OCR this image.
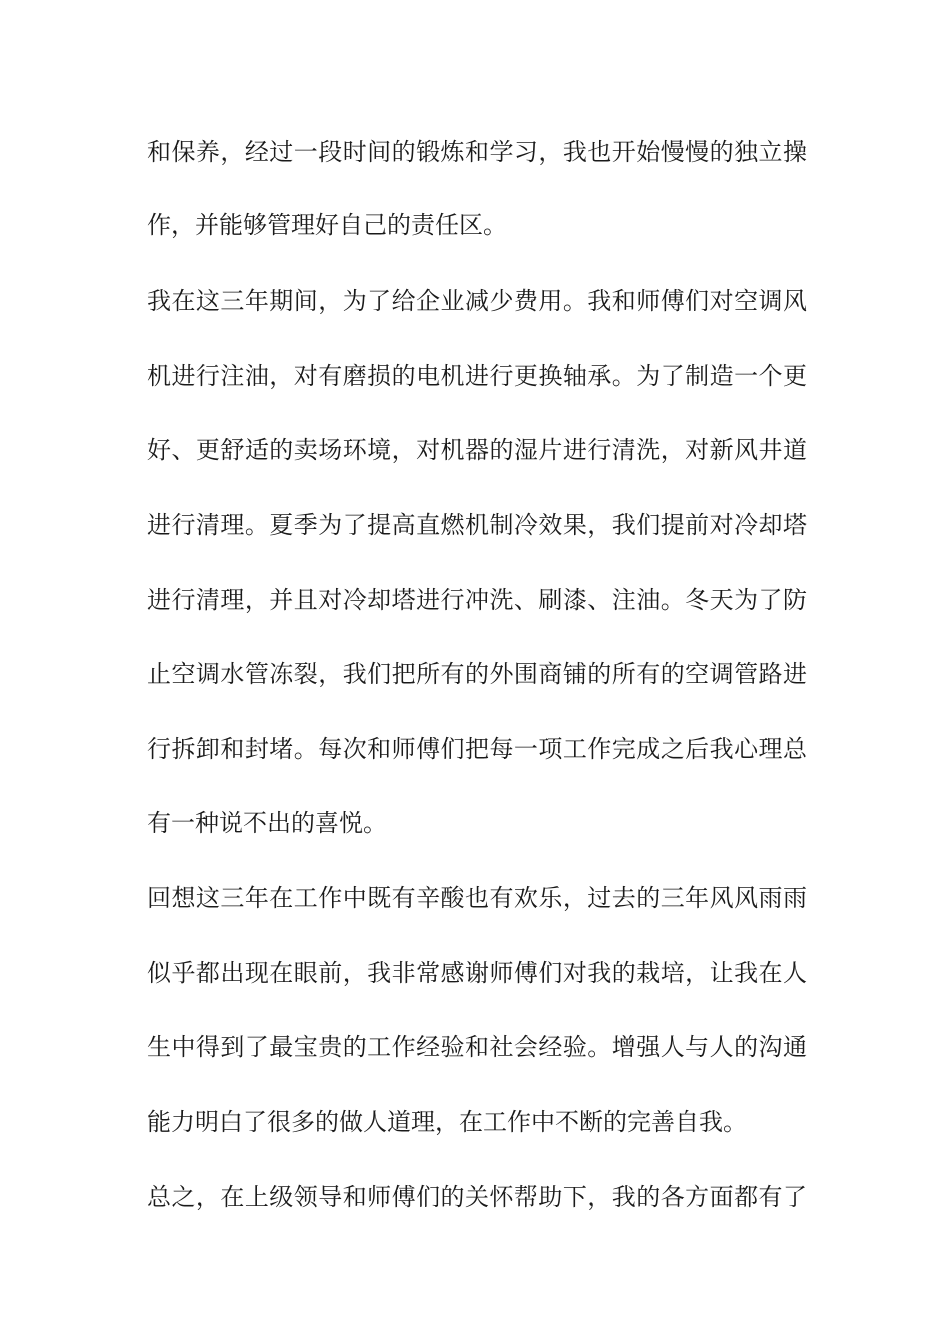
和保养，经过一段时间的锻炼和学习，我也开始慢慢的独立操
作，并能够管理好自己的责任区。
我在这三年期间，为了给企业减少费用。我和师傅们对空调风
机进行注油，对有磨损的电机进行更换轴承。为了制造一个更
好、更舒适的卖场环境，对机器的湿片进行清洗，对新风井道
进行清理。夏季为了提高直燃机制冷效果，我们提前对冷却塔
进行清理，并且对冷却塔进行冲洗、刷漆、注油。冬天为了防
止空调水管冻裂，我们把所有的外围商铺的所有的空调管路进
行拆卸和封堵。每次和师傅们把每一项工作完成之后我心理总
有一种说不出的喜悦。
回想这三年在工作中既有辛酸也有欢乐，过去的三年风风雨雨
似乎都出现在眼前，我非常感谢师傅们对我的栽培，让我在人
生中得到了最宝贵的工作经验和社会经验。增强人与人的沟通
能力明白了很多的做人道理，在工作中不断的完善自我。
总之，在上级领导和师傅们的关怀帮助下，我的各方面都有了
